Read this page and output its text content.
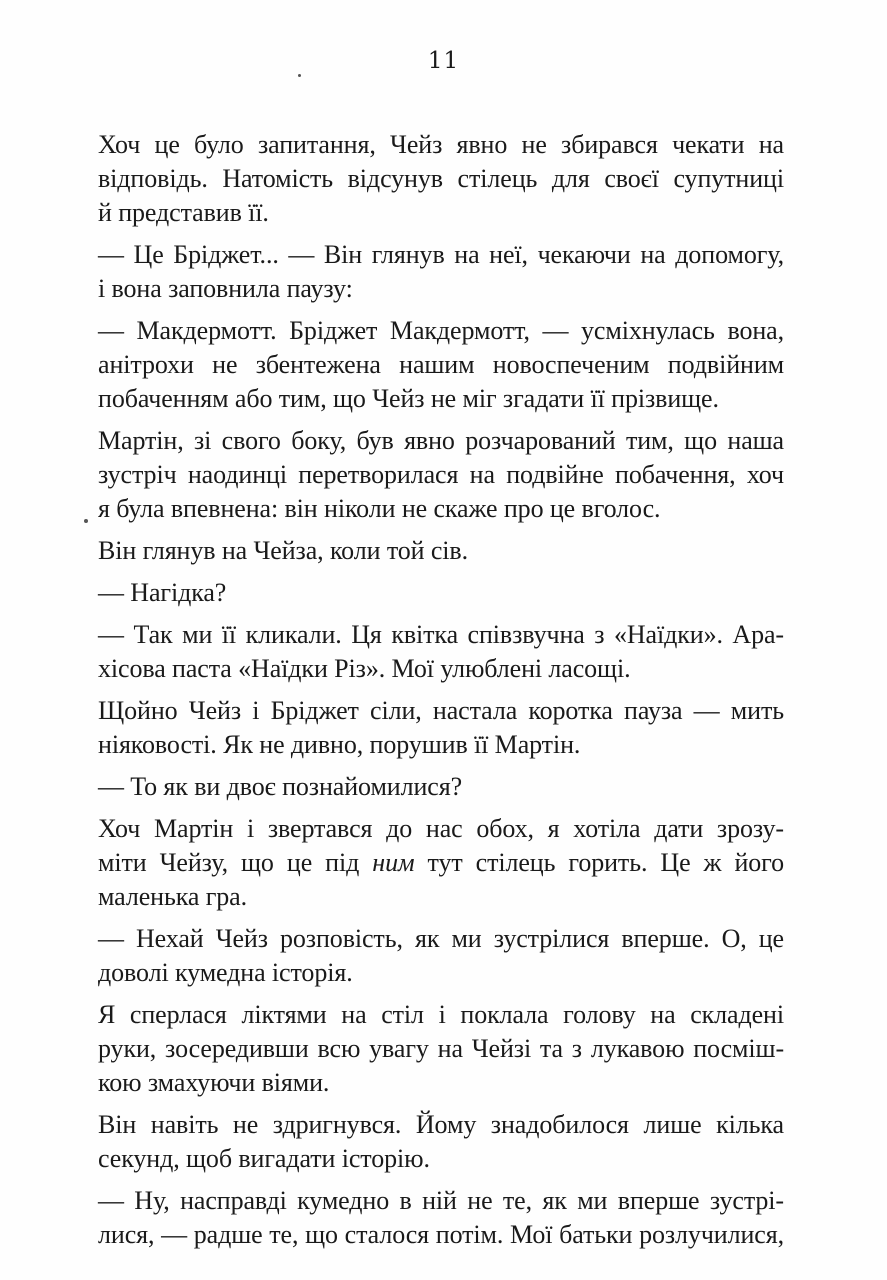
11
Хоч це було запитання, Чейз явно не збирався чекати на
відповідь. Натомість відсунув стілець для своєї супутниці
й представив її.
— Це Бріджет... — Він глянув на неї, чекаючи на допомогу,
і вона заповнила паузу:
— Макдермотт. Бріджет Макдермотт, — усміхнулась вона,
анітрохи не збентежена нашим новоспеченим подвійним
побаченням або тим, що Чейз не міг згадати її прізвище.
Мартін, зі свого боку, був явно розчарований тим, що наша
зустріч наодинці перетворилася на подвійне побачення, хоч
я була впевнена: він ніколи не скаже про це вголос.
Він глянув на Чейза, коли той сів.
— Нагідка?
— Так ми її кликали. Ця квітка співзвучна з «Наїдки». Ара-
хісова паста «Наїдки Різ». Мої улюблені ласощі.
Щойно Чейз і Бріджет сіли, настала коротка пауза — мить
ніяковості. Як не дивно, порушив її Мартін.
— То як ви двоє познайомилися?
Хоч Мартін і звертався до нас обох, я хотіла дати зрозу-
міти Чейзу, що це під ним тут стілець горить. Це ж його
маленька гра.
— Нехай Чейз розповість, як ми зустрілися вперше. О, це
доволі кумедна історія.
Я сперлася ліктями на стіл і поклала голову на складені
руки, зосередивши всю увагу на Чейзі та з лукавою посміш-
кою змахуючи віями.
Він навіть не здригнувся. Йому знадобилося лише кілька
секунд, щоб вигадати історію.
— Ну, насправді кумедно в ній не те, як ми вперше зустрі-
лися, — радше те, що сталося потім. Мої батьки розлучилися,
